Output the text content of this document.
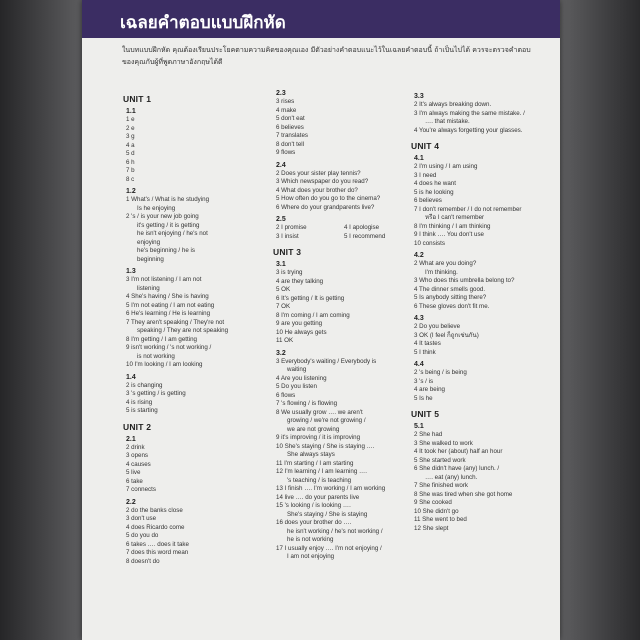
เฉลยคำตอบแบบฝึกหัด
ในบทแบบฝึกหัด คุณต้องเรียนประโยคตามความคิดของคุณเอง มีตัวอย่างคำตอบแนะไว้ในเฉลยคำตอบนี้ ถ้าเป็นไปได้ ควรจะตรวจคำตอบของคุณกับผู้ที่พูดภาษาอังกฤษได้ดี
UNIT 1
1.1
1 e
2 e
3 g
4 a
5 d
6 h
7 b
8 c
1.2
1 What's / What is he studying
Is he enjoying
2 's / is your new job going
it's getting / it is getting
he isn't enjoying / he's not
enjoying
he's beginning / he is
beginning
1.3
3 I'm not listening / I am not
listening
4 She's having / She is having
5 I'm not eating / I am not eating
6 He's learning / He is learning
7 They aren't speaking / They're not
speaking / They are not speaking
8 I'm getting / I am getting
9 isn't working / 's not working /
is not working
10 I'm looking / I am looking
1.4
2 is changing
3 's getting / is getting
4 is rising
5 is starting
UNIT 2
2.1
2 drink
3 opens
4 causes
5 live
6 take
7 connects
2.2
2 do the banks close
3 don't use
4 does Ricardo come
5 do you do
6 takes …. does it take
7 does this word mean
8 doesn't do
2.3
3 rises
4 make
5 don't eat
6 believes
7 translates
8 don't tell
9 flows
2.4
2 Does your sister play tennis?
3 Which newspaper do you read?
4 What does your brother do?
5 How often do you go to the cinema?
6 Where do your grandparents live?
2.5
2 I promise	4 I apologise
3 I insist	5 I recommend
UNIT 3
3.1
3 is trying
4 are they talking
5 OK
6 It's getting / It is getting
7 OK
8 I'm coming / I am coming
9 are you getting
10 He always gets
11 OK
3.2
3 Everybody's waiting / Everybody is
waiting
4 Are you listening
5 Do you listen
6 flows
7 's flowing / is flowing
8 We usually grow …. we aren't
growing / we're not growing /
we are not growing
9 it's improving / it is improving
10 She's staying / She is staying ….
She always stays
11 I'm starting / I am starting
12 I'm learning / I am learning ….
's teaching / is teaching
13 I finish …. I'm working / I am working
14 live …. do your parents live
15 's looking / is looking ….
She's staying / She is staying
16 does your brother do ….
he isn't working / he's not working /
he is not working
17 I usually enjoy …. I'm not enjoying /
I am not enjoying
3.3
2 It's always breaking down.
3 I'm always making the same mistake. /
…. that mistake.
4 You're always forgetting your glasses.
UNIT 4
4.1
2 I'm using / I am using
3 I need
4 does he want
5 is he looking
6 believes
7 I don't remember / I do not remember
หรือ I can't remember
8 I'm thinking / I am thinking
9 I think …. You don't use
10 consists
4.2
2 What are you doing?
I'm thinking.
3 Who does this umbrella belong to?
4 The dinner smells good.
5 Is anybody sitting there?
6 These gloves don't fit me.
4.3
2 Do you believe
3 OK (I feel ก็ถูกเช่นกัน)
4 It tastes
5 I think
4.4
2 's being / is being
3 's / is
4 are being
5 Is he
UNIT 5
5.1
2 She had
3 She walked to work
4 It took her (about) half an hour
5 She started work
6 She didn't have (any) lunch. /
…. eat (any) lunch.
7 She finished work
8 She was tired when she got home
9 She cooked
10 She didn't go
11 She went to bed
12 She slept
